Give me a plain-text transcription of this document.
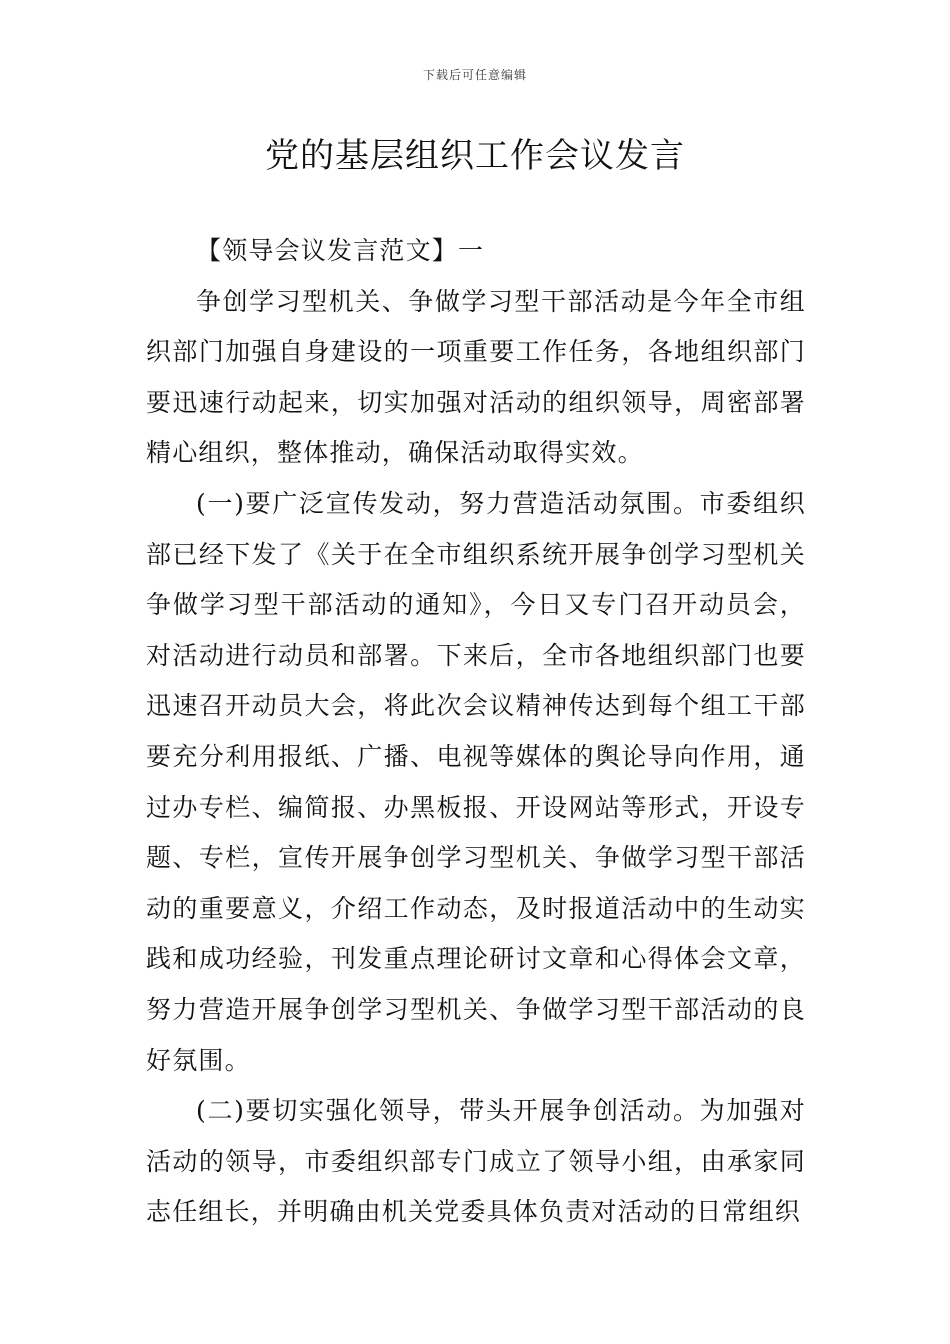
下载后可任意编辑
党的基层组织工作会议发言

【领导会议发言范文】一

争创学习型机关、争做学习型干部活动是今年全市组织部门加强自身建设的一项重要工作任务，各地组织部门要迅速行动起来，切实加强对活动的组织领导，周密部署精心组织，整体推动，确保活动取得实效。

(一)要广泛宣传发动，努力营造活动氛围。市委组织部已经下发了《关于在全市组织系统开展争创学习型机关争做学习型干部活动的通知》，今日又专门召开动员会，对活动进行动员和部署。下来后，全市各地组织部门也要迅速召开动员大会，将此次会议精神传达到每个组工干部要充分利用报纸、广播、电视等媒体的舆论导向作用，通过办专栏、编简报、办黑板报、开设网站等形式，开设专题、专栏，宣传开展争创学习型机关、争做学习型干部活动的重要意义，介绍工作动态，及时报道活动中的生动实践和成功经验，刊发重点理论研讨文章和心得体会文章，努力营造开展争创学习型机关、争做学习型干部活动的良好氛围。

(二)要切实强化领导，带头开展争创活动。为加强对活动的领导，市委组织部专门成立了领导小组，由承家同志任组长，并明确由机关党委具体负责对活动的日常组织
